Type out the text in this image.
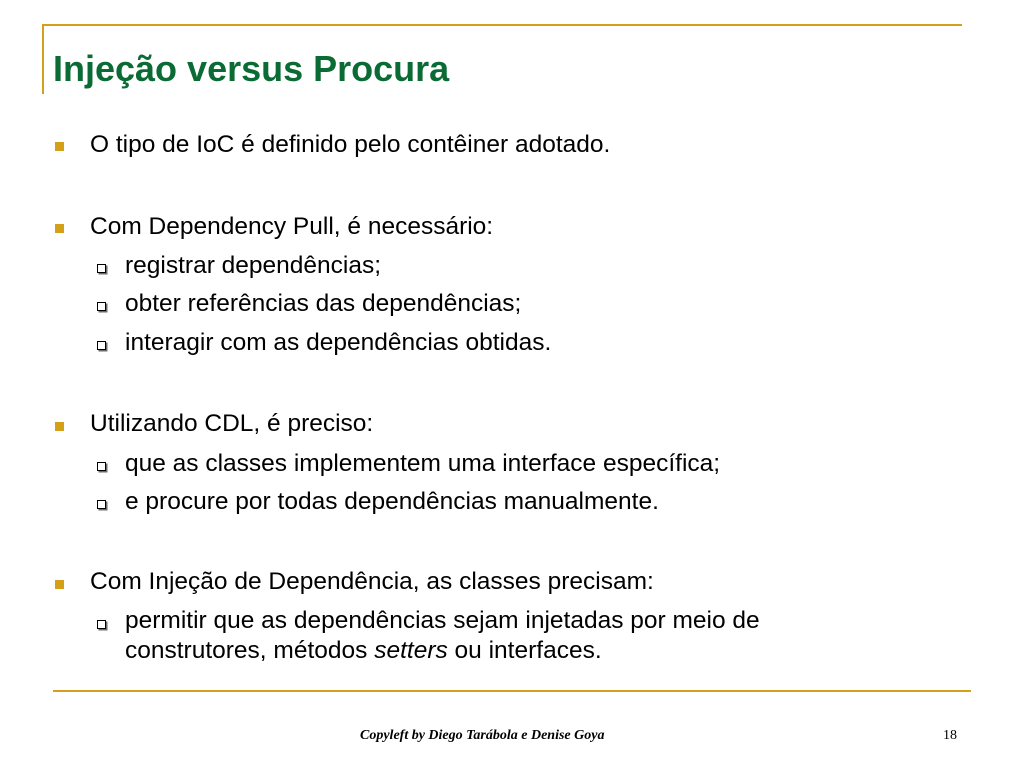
Injeção versus Procura
O tipo de IoC é definido pelo contêiner adotado.
Com Dependency Pull, é necessário:
registrar dependências;
obter referências das dependências;
interagir com as dependências obtidas.
Utilizando CDL, é preciso:
que as classes implementem uma interface específica;
e procure por todas dependências manualmente.
Com Injeção de Dependência, as classes precisam:
permitir que as dependências sejam injetadas por meio de
construtores, métodos setters ou interfaces.
Copyleft by Diego Tarábola e Denise Goya	18
